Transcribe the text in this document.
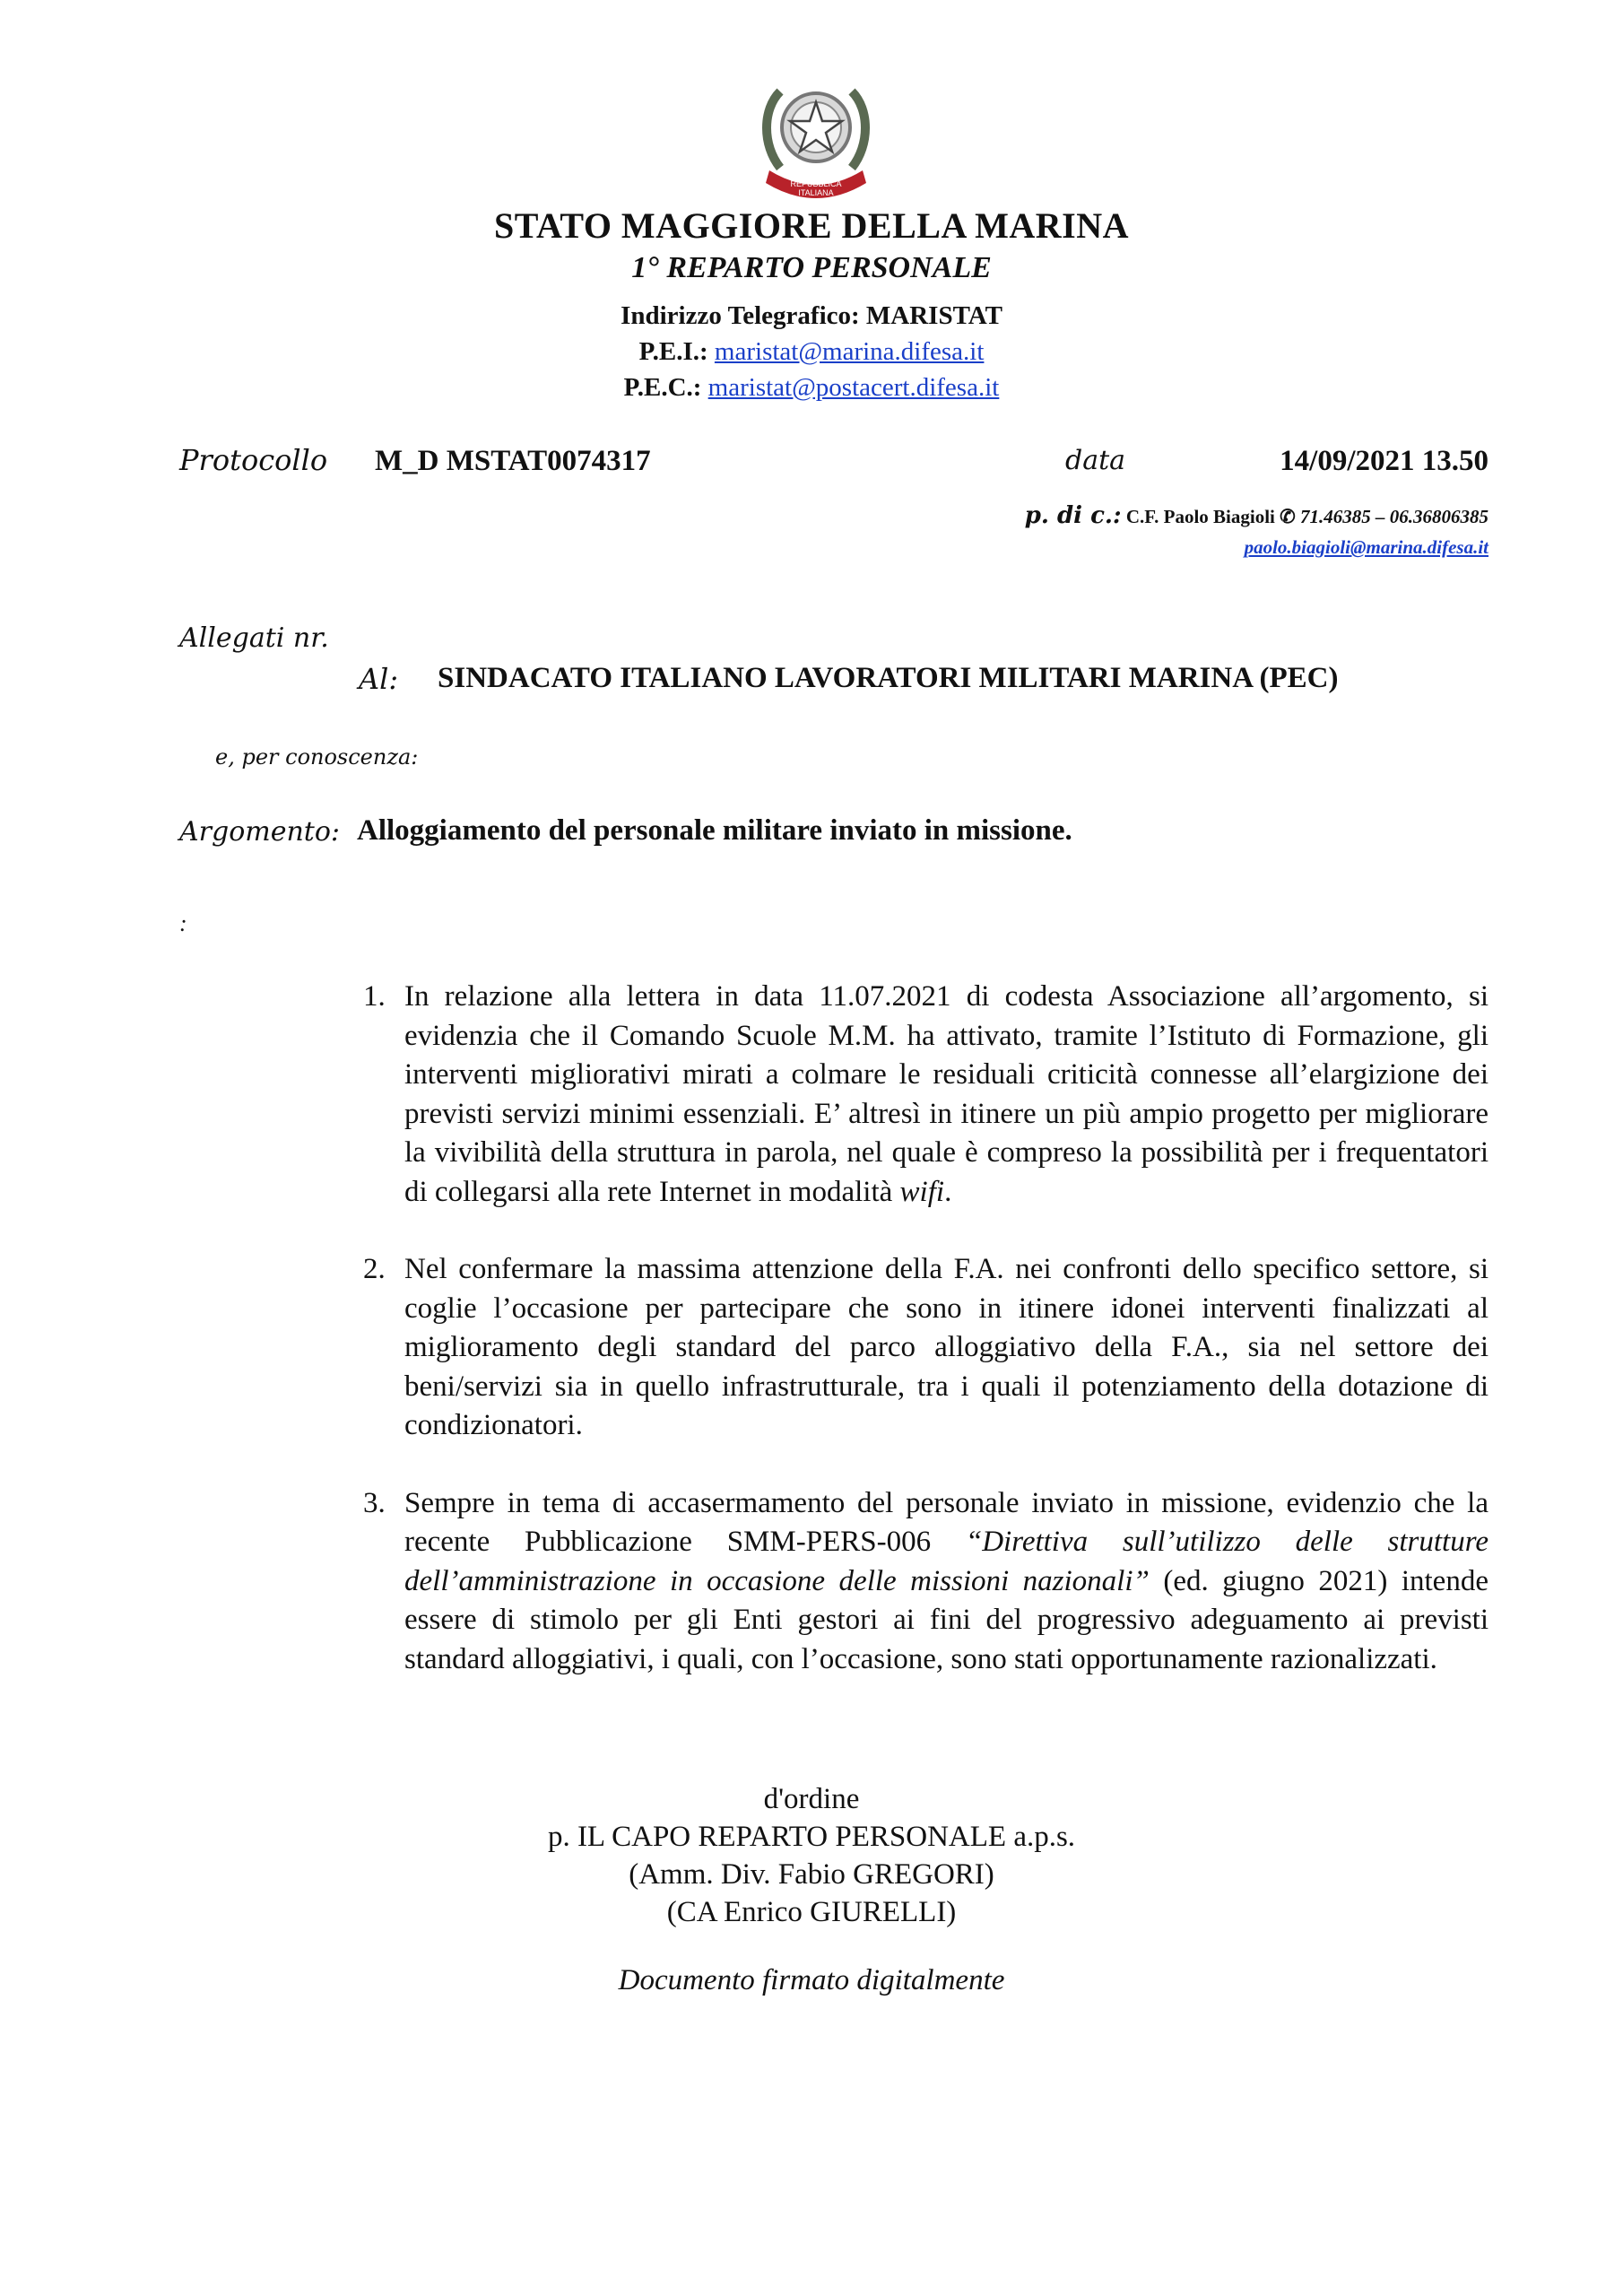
REPUBBLICA ITALIANA
STATO MAGGIORE DELLA MARINA
1° REPARTO PERSONALE
Indirizzo Telegrafico: MARISTAT
P.E.I.: maristat@marina.difesa.it
P.E.C.: maristat@postacert.difesa.it
Protocollo M_D MSTAT0074317	data	14/09/2021 13.50
p. di c.: C.F. Paolo Biagioli ✆ 71.46385 – 06.36806385
paolo.biagioli@marina.difesa.it
Allegati nr.
Al: SINDACATO ITALIANO LAVORATORI MILITARI MARINA (PEC)
e, per conoscenza:
Argomento: Alloggiamento del personale militare inviato in missione.
:
1. In relazione alla lettera in data 11.07.2021 di codesta Associazione all’argomento, si evidenzia che il Comando Scuole M.M. ha attivato, tramite l’Istituto di Formazione, gli interventi migliorativi mirati a colmare le residuali criticità connesse all’elargizione dei previsti servizi minimi essenziali. E’ altresì in itinere un più ampio progetto per migliorare la vivibilità della struttura in parola, nel quale è compreso la possibilità per i frequentatori di collegarsi alla rete Internet in modalità wifi.
2. Nel confermare la massima attenzione della F.A. nei confronti dello specifico settore, si coglie l’occasione per partecipare che sono in itinere idonei interventi finalizzati al miglioramento degli standard del parco alloggiativo della F.A., sia nel settore dei beni/servizi sia in quello infrastrutturale, tra i quali il potenziamento della dotazione di condizionatori.
3. Sempre in tema di accasermamento del personale inviato in missione, evidenzio che la recente Pubblicazione SMM-PERS-006 “Direttiva sull’utilizzo delle strutture dell’amministrazione in occasione delle missioni nazionali” (ed. giugno 2021) intende essere di stimolo per gli Enti gestori ai fini del progressivo adeguamento ai previsti standard alloggiativi, i quali, con l’occasione, sono stati opportunamente razionalizzati.
d'ordine
p. IL CAPO REPARTO PERSONALE a.p.s.
(Amm. Div. Fabio GREGORI)
(CA Enrico GIURELLI)
Documento firmato digitalmente
